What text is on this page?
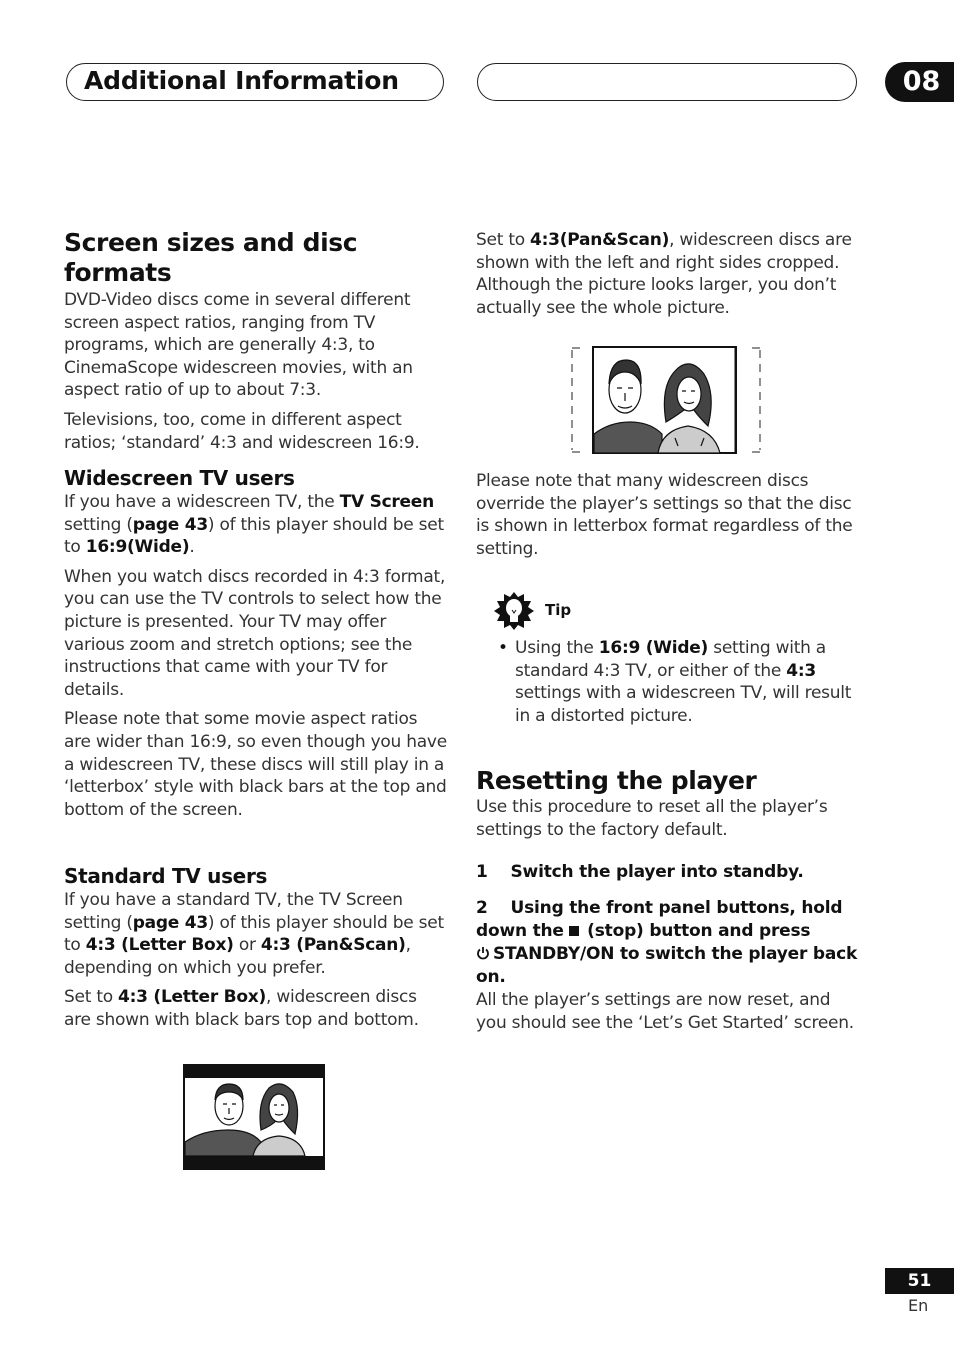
Additional Information	08
Screen sizes and disc formats

DVD-Video discs come in several different screen aspect ratios, ranging from TV programs, which are generally 4:3, to CinemaScope widescreen movies, with an aspect ratio of up to about 7:3.

Televisions, too, come in different aspect ratios; ‘standard’ 4:3 and widescreen 16:9.

Widescreen TV users

If you have a widescreen TV, the TV Screen setting (page 43) of this player should be set to 16:9(Wide).

When you watch discs recorded in 4:3 format, you can use the TV controls to select how the picture is presented. Your TV may offer various zoom and stretch options; see the instructions that came with your TV for details.

Please note that some movie aspect ratios are wider than 16:9, so even though you have a widescreen TV, these discs will still play in a ‘letterbox’ style with black bars at the top and bottom of the screen.

Standard TV users

If you have a standard TV, the TV Screen setting (page 43) of this player should be set to 4:3 (Letter Box) or 4:3 (Pan&Scan), depending on which you prefer.

Set to 4:3 (Letter Box), widescreen discs are shown with black bars top and bottom.

Set to 4:3(Pan&Scan), widescreen discs are shown with the left and right sides cropped. Although the picture looks larger, you don’t actually see the whole picture.

Please note that many widescreen discs override the player’s settings so that the disc is shown in letterbox format regardless of the setting.

Tip
• Using the 16:9 (Wide) setting with a standard 4:3 TV, or either of the 4:3 settings with a widescreen TV, will result in a distorted picture.
Resetting the player

Use this procedure to reset all the player’s settings to the factory default.

1 Switch the player into standby.

2 Using the front panel buttons, hold down the  (stop) button and press
STANDBY/ON to switch the player back on.

All the player’s settings are now reset, and you should see the ‘Let’s Get Started’ screen.

51
En
